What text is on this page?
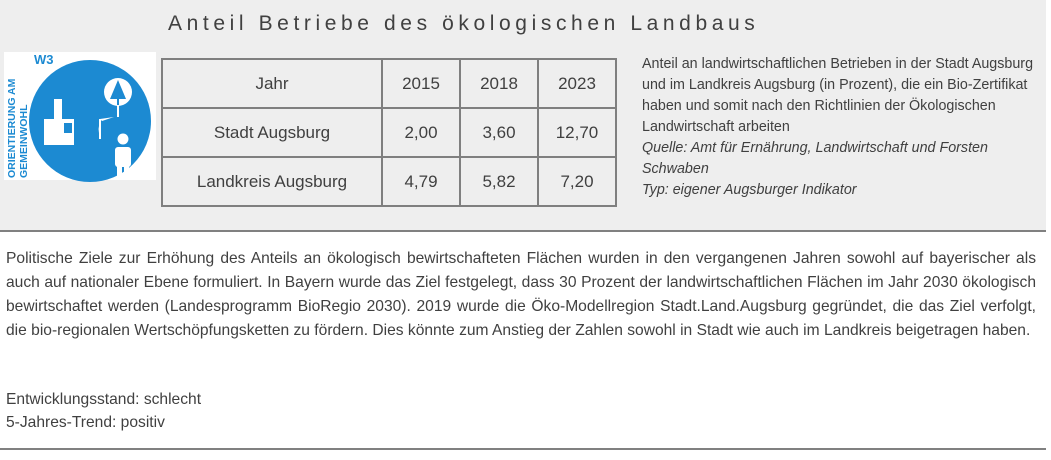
Anteil Betriebe des ökologischen Landbaus
ORIENTIERUNG AM GEMEINWOHL
W3
Jahr	2015	2018	2023
Stadt Augsburg	2,00	3,60	12,70
Landkreis Augsburg	4,79	5,82	7,20
Anteil an landwirtschaftlichen Betrieben in der Stadt Augsburg und im Landkreis Augsburg (in Prozent), die ein Bio-Zertifikat haben und somit nach den Richtlinien der Ökologischen Landwirtschaft arbeiten
Quelle: Amt für Ernährung, Landwirtschaft und Forsten Schwaben
Typ: eigener Augsburger Indikator
Politische Ziele zur Erhöhung des Anteils an ökologisch bewirtschafteten Flächen wurden in den vergangenen Jahren sowohl auf bayerischer als auch auf nationaler Ebene formuliert. In Bayern wurde das Ziel festgelegt, dass 30 Prozent der landwirtschaftlichen Flächen im Jahr 2030 ökologisch bewirtschaftet werden (Landesprogramm BioRegio 2030). 2019 wurde die Öko-Modellregion Stadt.Land.Augsburg gegründet, die das Ziel verfolgt, die bio-regionalen Wertschöpfungsketten zu fördern. Dies könnte zum Anstieg der Zahlen sowohl in Stadt wie auch im Landkreis beigetragen haben.
Entwicklungsstand: schlecht
5-Jahres-Trend: positiv
